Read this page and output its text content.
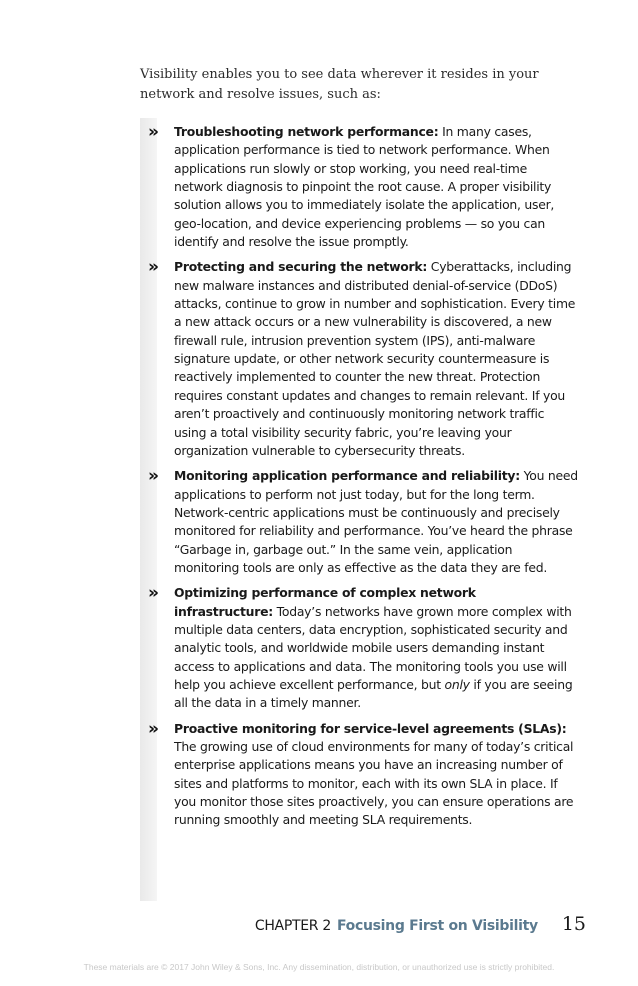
Visibility enables you to see data wherever it resides in your network and resolve issues, such as:

» Troubleshooting network performance: In many cases, application performance is tied to network performance. When applications run slowly or stop working, you need real-time network diagnosis to pinpoint the root cause. A proper visibility solution allows you to immediately isolate the application, user, geo-location, and device experiencing problems — so you can identify and resolve the issue promptly.
» Protecting and securing the network: Cyberattacks, including new malware instances and distributed denial-of-service (DDoS) attacks, continue to grow in number and sophistication. Every time a new attack occurs or a new vulnerability is discovered, a new firewall rule, intrusion prevention system (IPS), anti-malware signature update, or other network security countermeasure is reactively implemented to counter the new threat. Protection requires constant updates and changes to remain relevant. If you aren’t proactively and continuously monitoring network traffic using a total visibility security fabric, you’re leaving your organization vulnerable to cybersecurity threats.
» Monitoring application performance and reliability: You need applications to perform not just today, but for the long term. Network-centric applications must be continuously and precisely monitored for reliability and performance. You’ve heard the phrase “Garbage in, garbage out.” In the same vein, application monitoring tools are only as effective as the data they are fed.
» Optimizing performance of complex network infrastructure: Today’s networks have grown more complex with multiple data centers, data encryption, sophisticated security and analytic tools, and worldwide mobile users demanding instant access to applications and data. The monitoring tools you use will help you achieve excellent performance, but only if you are seeing all the data in a timely manner.
» Proactive monitoring for service-level agreements (SLAs): The growing use of cloud environments for many of today’s critical enterprise applications means you have an increasing number of sites and platforms to monitor, each with its own SLA in place. If you monitor those sites proactively, you can ensure operations are running smoothly and meeting SLA requirements.
CHAPTER 2 Focusing First on Visibility 15
These materials are © 2017 John Wiley & Sons, Inc. Any dissemination, distribution, or unauthorized use is strictly prohibited.
